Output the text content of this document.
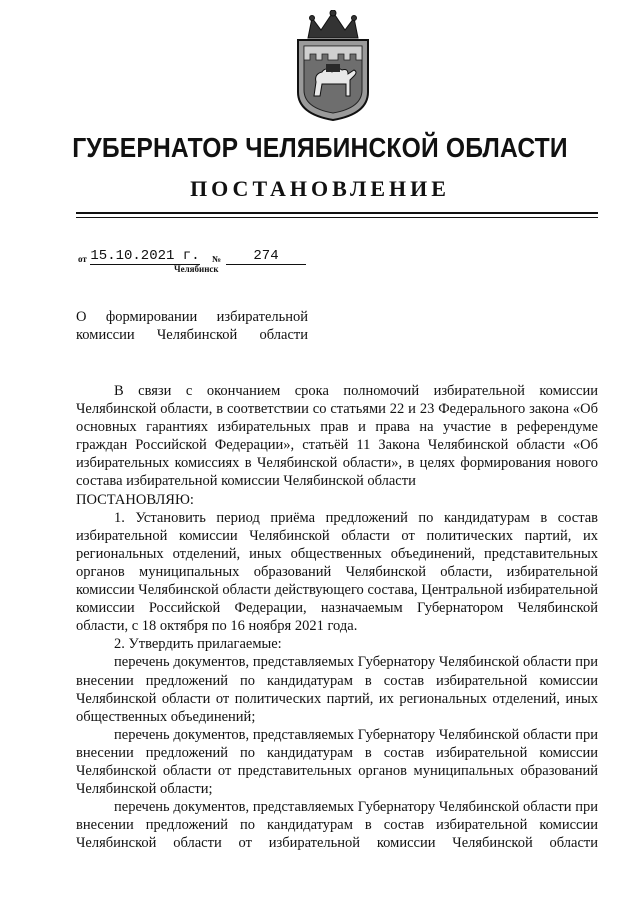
ГУБЕРНАТОР ЧЕЛЯБИНСКОЙ ОБЛАСТИ
ПОСТАНОВЛЕНИЕ
от 15.10.2021 г. №	274
Челябинск
О формировании избирательной
комиссии Челябинской области

В связи с окончанием срока полномочий избирательной комиссии Челябинской области, в соответствии со статьями 22 и 23 Федерального закона «Об основных гарантиях избирательных прав и права на участие в референдуме граждан Российской Федерации», статьёй 11 Закона Челябинской области «Об избирательных комиссиях в Челябинской области», в целях формирования нового состава избирательной комиссии Челябинской области

ПОСТАНОВЛЯЮ:

1. Установить период приёма предложений по кандидатурам в состав избирательной комиссии Челябинской области от политических партий, их региональных отделений, иных общественных объединений, представительных органов муниципальных образований Челябинской области, избирательной комиссии Челябинской области действующего состава, Центральной избирательной комиссии Российской Федерации, назначаемым Губернатором Челябинской области, с 18 октября по 16 ноября 2021 года.

2. Утвердить прилагаемые:

перечень документов, представляемых Губернатору Челябинской области при внесении предложений по кандидатурам в состав избирательной комиссии Челябинской области от политических партий, их региональных отделений, иных общественных объединений;

перечень документов, представляемых Губернатору Челябинской области при внесении предложений по кандидатурам в состав избирательной комиссии Челябинской области от представительных органов муниципальных образований Челябинской области;

перечень документов, представляемых Губернатору Челябинской области при внесении предложений по кандидатурам в состав избирательной комиссии Челябинской области от избирательной комиссии Челябинской области
